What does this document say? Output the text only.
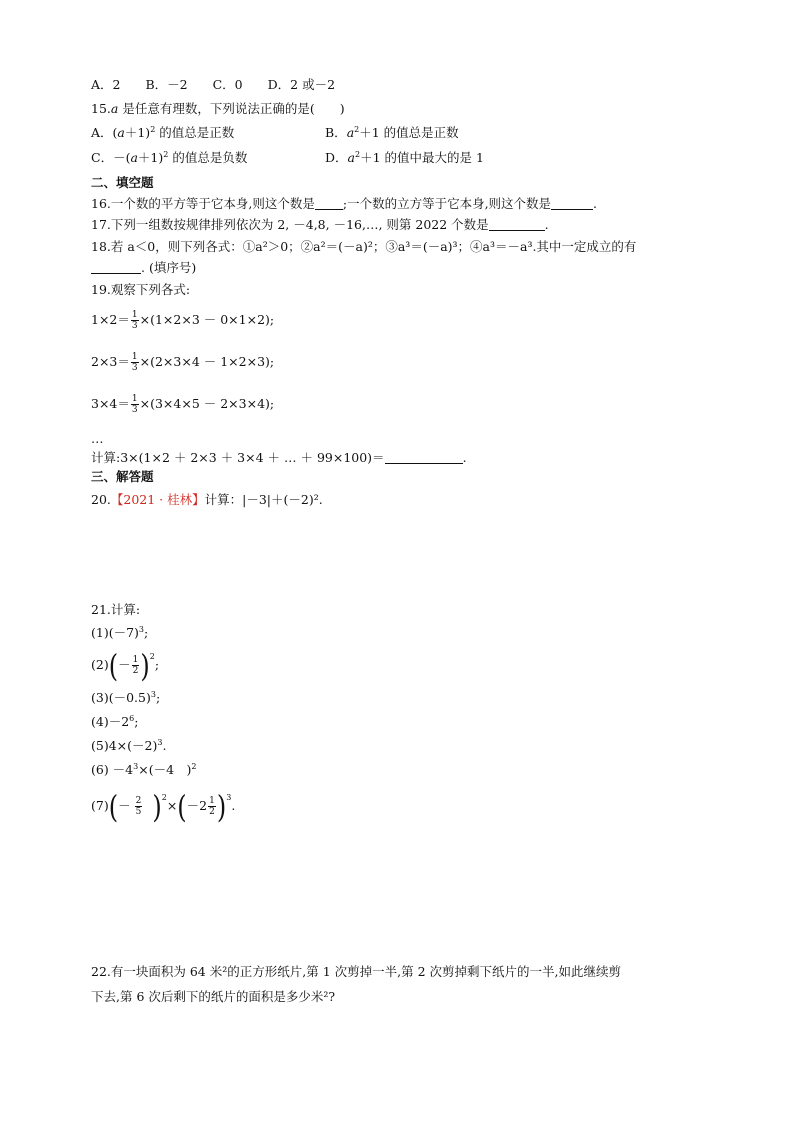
A．2　　B．－2　　C．0　　D．2 或－2
15.a 是任意有理数，下列说法正确的是(　　)
A．$(a+1)^2$ 的值总是正数	B．$a^2+1$ 的值总是正数
C．$-(a+1)^2$ 的值总是负数	D．$a^2+1$ 的值中最大的是 1
二、填空题
16.一个数的平方等于它本身,则这个数是 ;一个数的立方等于它本身,则这个数是	.
17.下列一组数按规律排列依次为 2, －4,8, －16,…, 则第 2022 个数是	.
18.若 a＜0，则下列各式：①a²＞0；②a²＝(－a)²；③a³＝(－a)³；④a³＝－a³.其中一定成立的有
. (填序号)
19.观察下列各式:
$1\times 2= \frac{1}{3} \times(1\times 2\times 3 - 0\times 1\times 2)$;
$2\times 3= \frac{1}{3} \times(2\times 3\times 4 - 1\times 2\times 3)$;
$3\times 4= \frac{1}{3} \times(3\times 4\times 5 - 2\times 3\times 4)$;
…
计算:3×(1×2 ＋ 2×3 ＋ 3×4 ＋ … ＋ 99×100)＝	.
三、解答题
20.【2021 · 桂林】计算：|－3|＋(－2)².
21.计算:
$(1)(-7)^3$;
$(2)(- \frac{1}{2} )^2$;
$(3)(-0.5)^3$;
$(4)-2^6$;
$(5)4\times(-2)^3$.
$(6) -4^3\times(-4$　)$^2$
$(7)(- \frac{2}{5} )^2\times(-2 \frac{1}{2} )^3$.
22.有一块面积为 64 米²的正方形纸片,第 1 次剪掉一半,第 2 次剪掉剩下纸片的一半,如此继续剪
下去,第 6 次后剩下的纸片的面积是多少米²?
